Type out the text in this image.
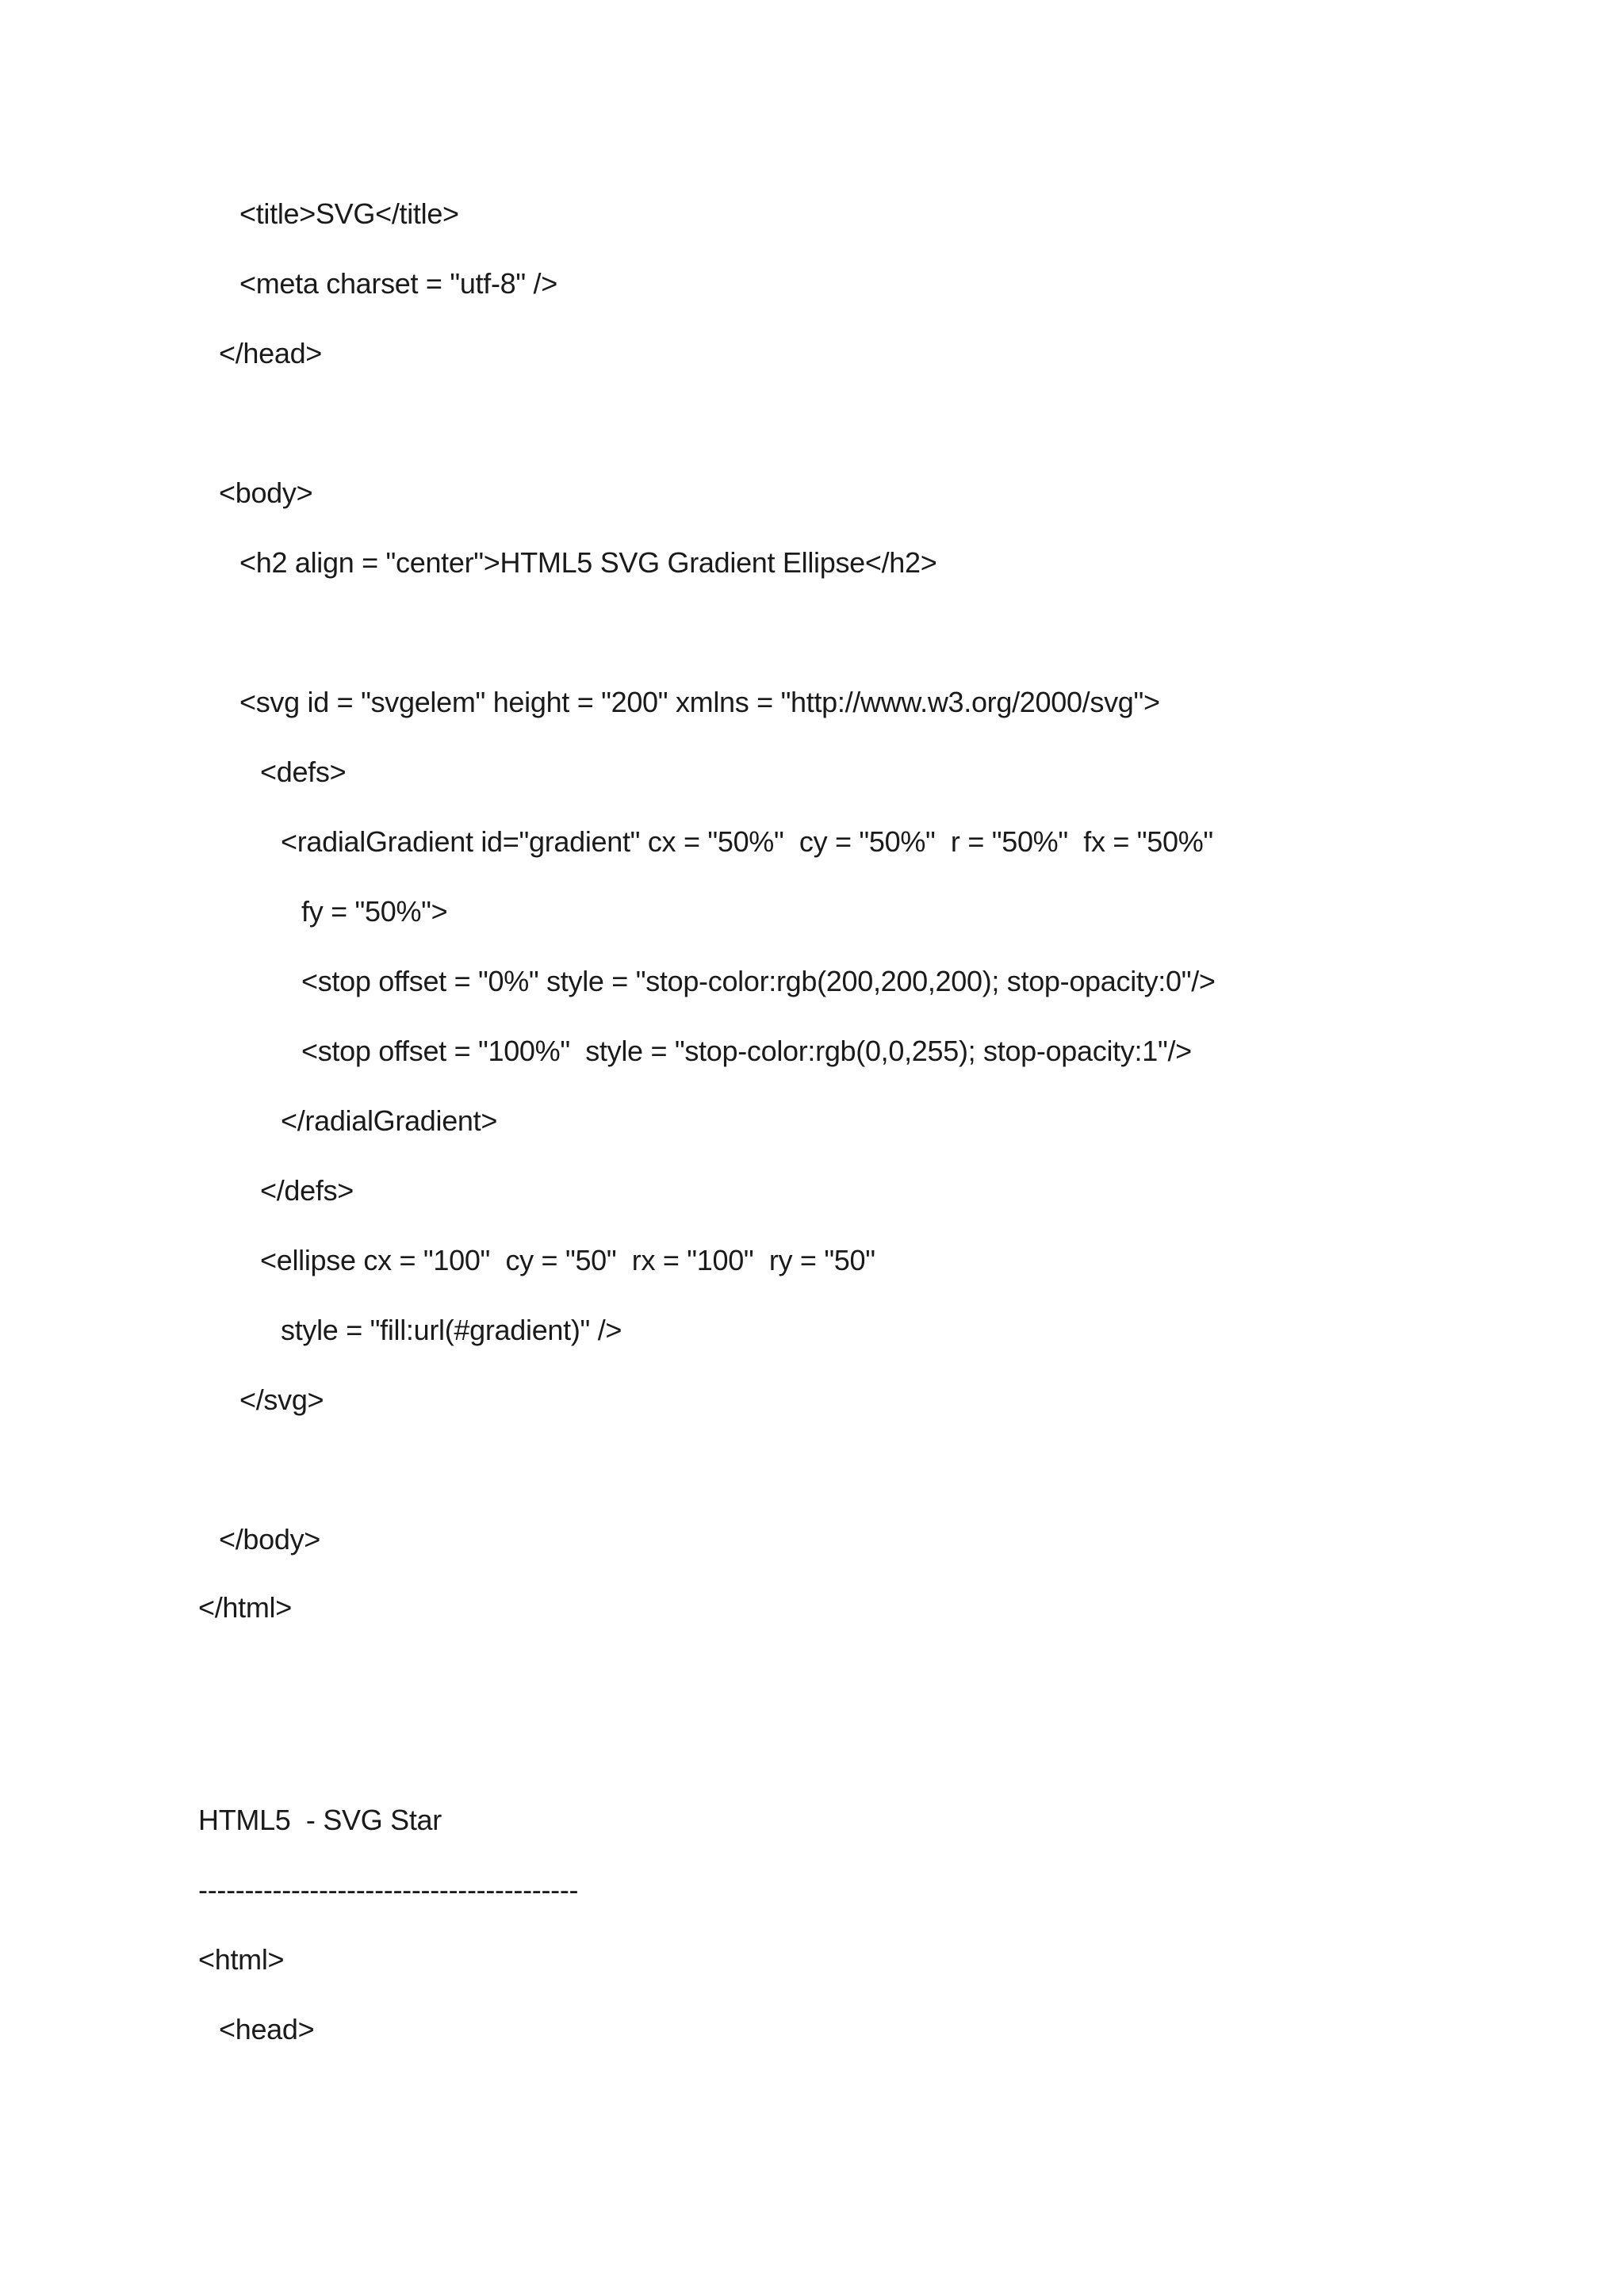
<title>SVG</title>
<meta charset = "utf-8" />
</head>
<body>
<h2 align = "center">HTML5 SVG Gradient Ellipse</h2>
<svg id = "svgelem" height = "200" xmlns = "http://www.w3.org/2000/svg">
<defs>
<radialGradient id="gradient" cx = "50%"  cy = "50%"  r = "50%"  fx = "50%"
fy = "50%">
<stop offset = "0%" style = "stop-color:rgb(200,200,200); stop-opacity:0"/>
<stop offset = "100%"  style = "stop-color:rgb(0,0,255); stop-opacity:1"/>
</radialGradient>
</defs>
<ellipse cx = "100"  cy = "50"  rx = "100"  ry = "50"
style = "fill:url(#gradient)" />
</svg>
</body>
</html>
HTML5  - SVG Star
-----------------------------------------
<html>
<head>
